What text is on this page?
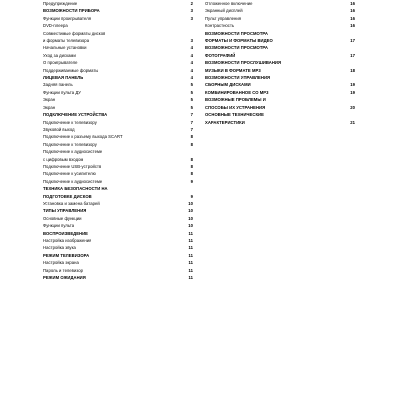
Предупреждение	2
ВОЗМОЖНОСТИ ПРИБОРА	3
Функции проигрывателя	3
DVD-плеера
Совместимые форматы дисков
и форматы телевизора	3
Начальные установки	4
Уход за дисками	4
О проигрывателе	4
Поддерживаемые форматы	4
ЛИЦЕВАЯ ПАНЕЛЬ	4
Задняя панель	5
Функции пульта ДУ	5
Экран	5
Экран	5
ПОДКЛЮЧЕНИЕ УСТРОЙСТВА	7
Подключение к телевизору	7
Звуковой выход	7
Подключение к разъему выхода SCART	8
Подключение к телевизору	8
Подключение к аудиосистеме
с цифровым входом	8
Подключение USB-устройств	8
Подключение к усилителю	8
Подключение к аудиосистеме	9
ТЕХНИКА БЕЗОПАСНОСТИ НА
ПОДГОТОВКЕ ДИСКОВ	9
Установка и замена батарей	10
ТИПЫ УПРАВЛЕНИЯ	10
Основные функции	10
Функции пульта	10
ВОСПРОИЗВЕДЕНИЕ	11
Настройка изображения	11
Настройка звука	11
РЕЖИМ ТЕЛЕВИЗОРА	11
Настройка экрана	11
Пароль и телевизор	11
РЕЖИМ ОЖИДАНИЯ	11
Отложенное включение	16
Экранный дисплей	16
Пульт управления	16
Контрастность	16
ВОЗМОЖНОСТИ ПРОСМОТРА
ФОРМАТЫ И ФОРМАТЫ ВИДЕО	17
ВОЗМОЖНОСТИ ПРОСМОТРА
ФОТОГРАФИЙ	17
ВОЗМОЖНОСТИ ПРОСЛУШИВАНИЯ
МУЗЫКИ В ФОРМАТЕ MP3	18
ВОЗМОЖНОСТИ УПРАВЛЕНИЯ
СБОРНЫМ ДИСКАМИ	19
КОМБИНИРОВАННОЕ СО MP3	19
ВОЗМОЖНЫЕ ПРОБЛЕМЫ И
СПОСОБЫ ИХ УСТРАНЕНИЯ	20
ОСНОВНЫЕ ТЕХНИЧЕСКИЕ
ХАРАКТЕРИСТИКИ	21
